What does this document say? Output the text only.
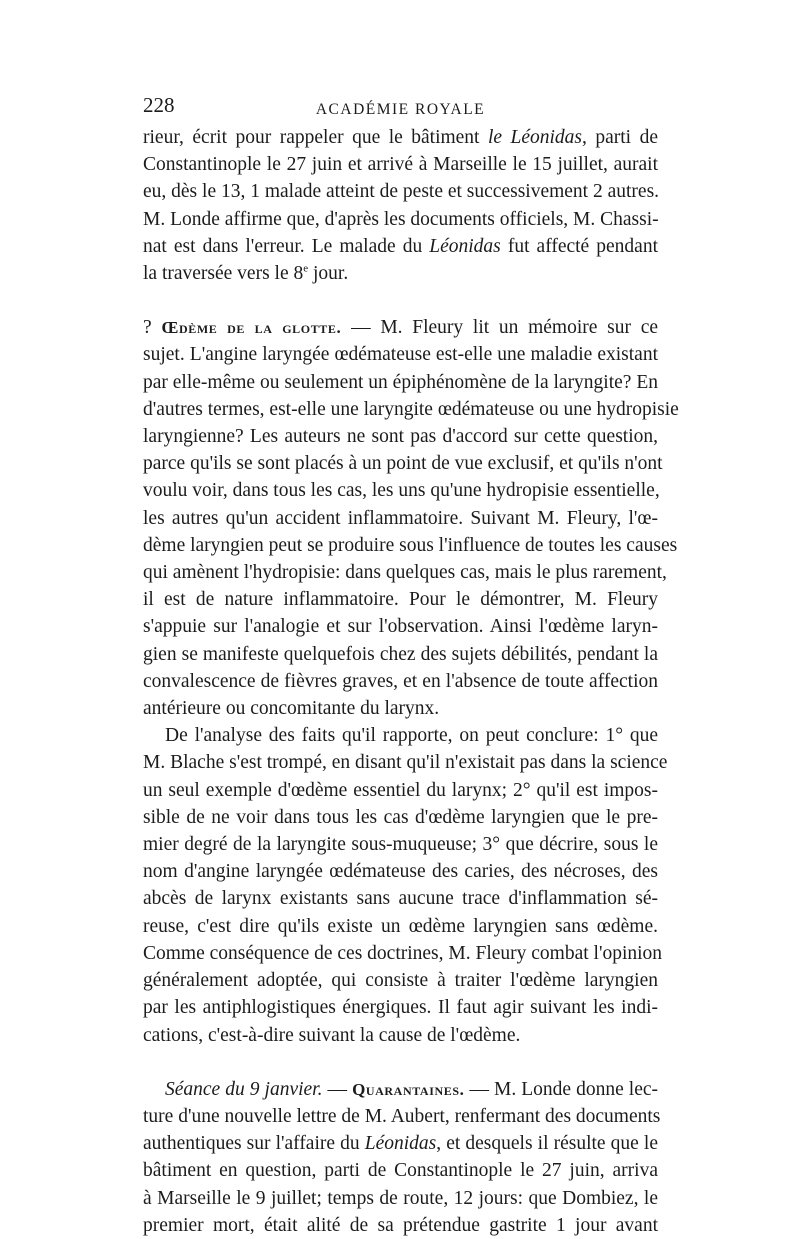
228	ACADÉMIE ROYALE
rieur, écrit pour rappeler que le bâtiment le Léonidas, parti de
Constantinople le 27 juin et arrivé à Marseille le 15 juillet, aurait
eu, dès le 13, 1 malade atteint de peste et successivement 2 autres.
M. Londe affirme que, d'après les documents officiels, M. Chassi-
nat est dans l'erreur. Le malade du Léonidas fut affecté pendant
la traversée vers le 8e jour.
? Œdème de la glotte. — M. Fleury lit un mémoire sur ce
sujet. L'angine laryngée œdémateuse est-elle une maladie existant
par elle-même ou seulement un épiphénomène de la laryngite? En
d'autres termes, est-elle une laryngite œdémateuse ou une hydropisie
laryngienne? Les auteurs ne sont pas d'accord sur cette question,
parce qu'ils se sont placés à un point de vue exclusif, et qu'ils n'ont
voulu voir, dans tous les cas, les uns qu'une hydropisie essentielle,
les autres qu'un accident inflammatoire. Suivant M. Fleury, l'œ-
dème laryngien peut se produire sous l'influence de toutes les causes
qui amènent l'hydropisie: dans quelques cas, mais le plus rarement,
il est de nature inflammatoire. Pour le démontrer, M. Fleury
s'appuie sur l'analogie et sur l'observation. Ainsi l'œdème laryn-
gien se manifeste quelquefois chez des sujets débilités, pendant la
convalescence de fièvres graves, et en l'absence de toute affection
antérieure ou concomitante du larynx.
De l'analyse des faits qu'il rapporte, on peut conclure: 1° que
M. Blache s'est trompé, en disant qu'il n'existait pas dans la science
un seul exemple d'œdème essentiel du larynx; 2° qu'il est impos-
sible de ne voir dans tous les cas d'œdème laryngien que le pre-
mier degré de la laryngite sous-muqueuse; 3° que décrire, sous le
nom d'angine laryngée œdémateuse des caries, des nécroses, des
abcès de larynx existants sans aucune trace d'inflammation sé-
reuse, c'est dire qu'ils existe un œdème laryngien sans œdème.
Comme conséquence de ces doctrines, M. Fleury combat l'opinion
généralement adoptée, qui consiste à traiter l'œdème laryngien
par les antiphlogistiques énergiques. Il faut agir suivant les indi-
cations, c'est-à-dire suivant la cause de l'œdème.
Séance du 9 janvier. — Quarantaines. — M. Londe donne lec-
ture d'une nouvelle lettre de M. Aubert, renfermant des documents
authentiques sur l'affaire du Léonidas, et desquels il résulte que le
bâtiment en question, parti de Constantinople le 27 juin, arriva
à Marseille le 9 juillet; temps de route, 12 jours: que Dombiez, le
premier mort, était alité de sa prétendue gastrite 1 jour avant
